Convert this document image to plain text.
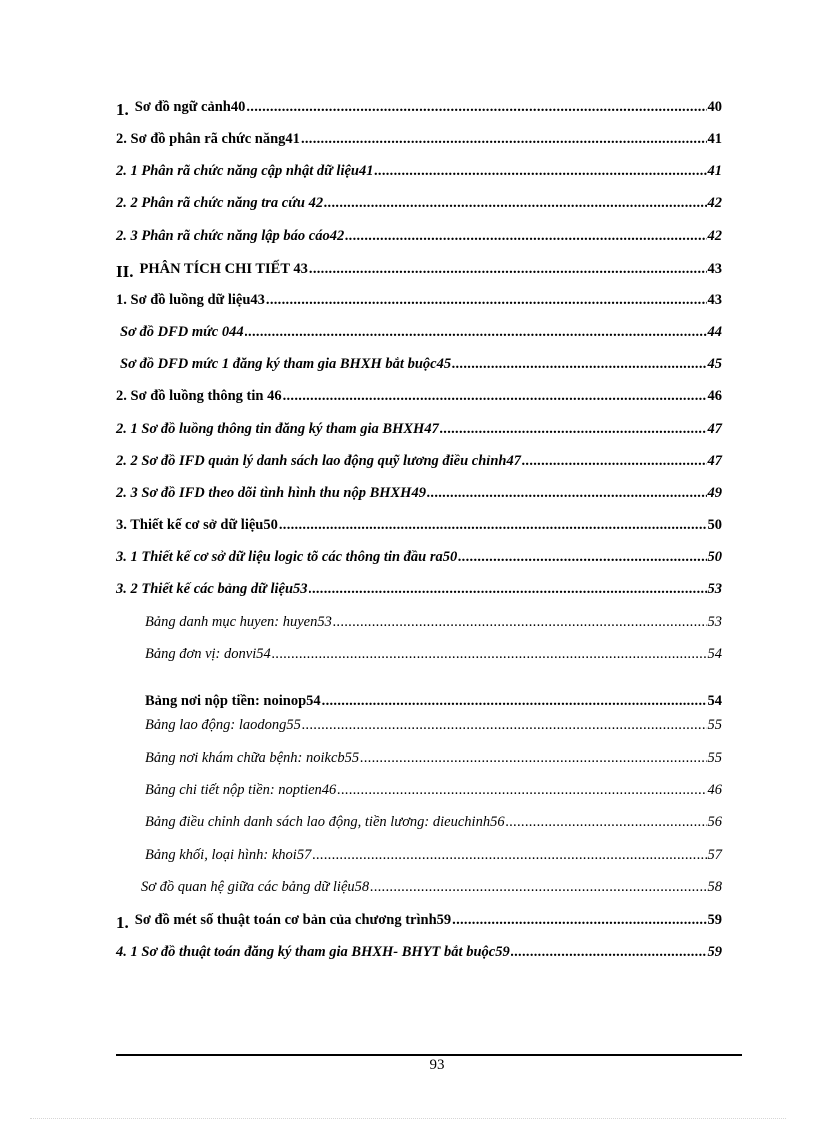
1. Sơ đồ ngữ cảnh40 .....	40
2. Sơ đồ phân rã chức năng41 .....	41
2. 1 Phân rã chức năng cập nhật dữ liệu41 .....	41
2. 2 Phân rã chức năng tra cứu 42 .....	42
2. 3 Phân rã chức năng lập báo cáo42 .....	42
II. PHÂN TÍCH CHI TIẾT 43 .....	43
1. Sơ đồ luồng dữ liệu43 .....	43
Sơ đồ DFD mức 044 .....	44
Sơ đồ DFD mức 1 đăng ký tham gia BHXH bắt buộc45 .....	45
2. Sơ đồ luồng thông tin 46 .....	46
2. 1 Sơ đồ luồng thông tin đăng ký tham gia BHXH47 .....	47
2. 2 Sơ đồ IFD quản lý danh sách lao động quỹ lương điều chỉnh47 .....	47
2. 3 Sơ đồ IFD theo dõi tình hình thu nộp BHXH49 .....	49
3. Thiết kế cơ sở dữ liệu50 .....	50
3. 1 Thiết kế cơ sở dữ liệu logic tõ các thông tin đầu ra50 .....	50
3. 2 Thiết kế các bảng dữ liệu53 .....	53
Bảng danh mục huyen: huyen53 .....	53
Bảng đơn vị: donvi54 .....	54
Bảng nơi nộp tiền: noinop54 .....	54
Bảng lao động: laodong55 .....	55
Bảng nơi khám chữa bệnh: noikcb55 .....	55
Bảng chi tiết nộp tiền: noptien46 .....	46
Bảng điều chỉnh danh sách lao động, tiền lương: dieuchinh56 .....	56
Bảng khối, loại hình: khoi57 .....	57
Sơ đồ quan hệ giữa các bảng dữ liệu58 .....	58
1. Sơ đồ mét số thuật toán cơ bản của chương trình59 .....	59
4. 1 Sơ đồ thuật toán đăng ký tham gia BHXH- BHYT bắt buộc59 .....	59
93
